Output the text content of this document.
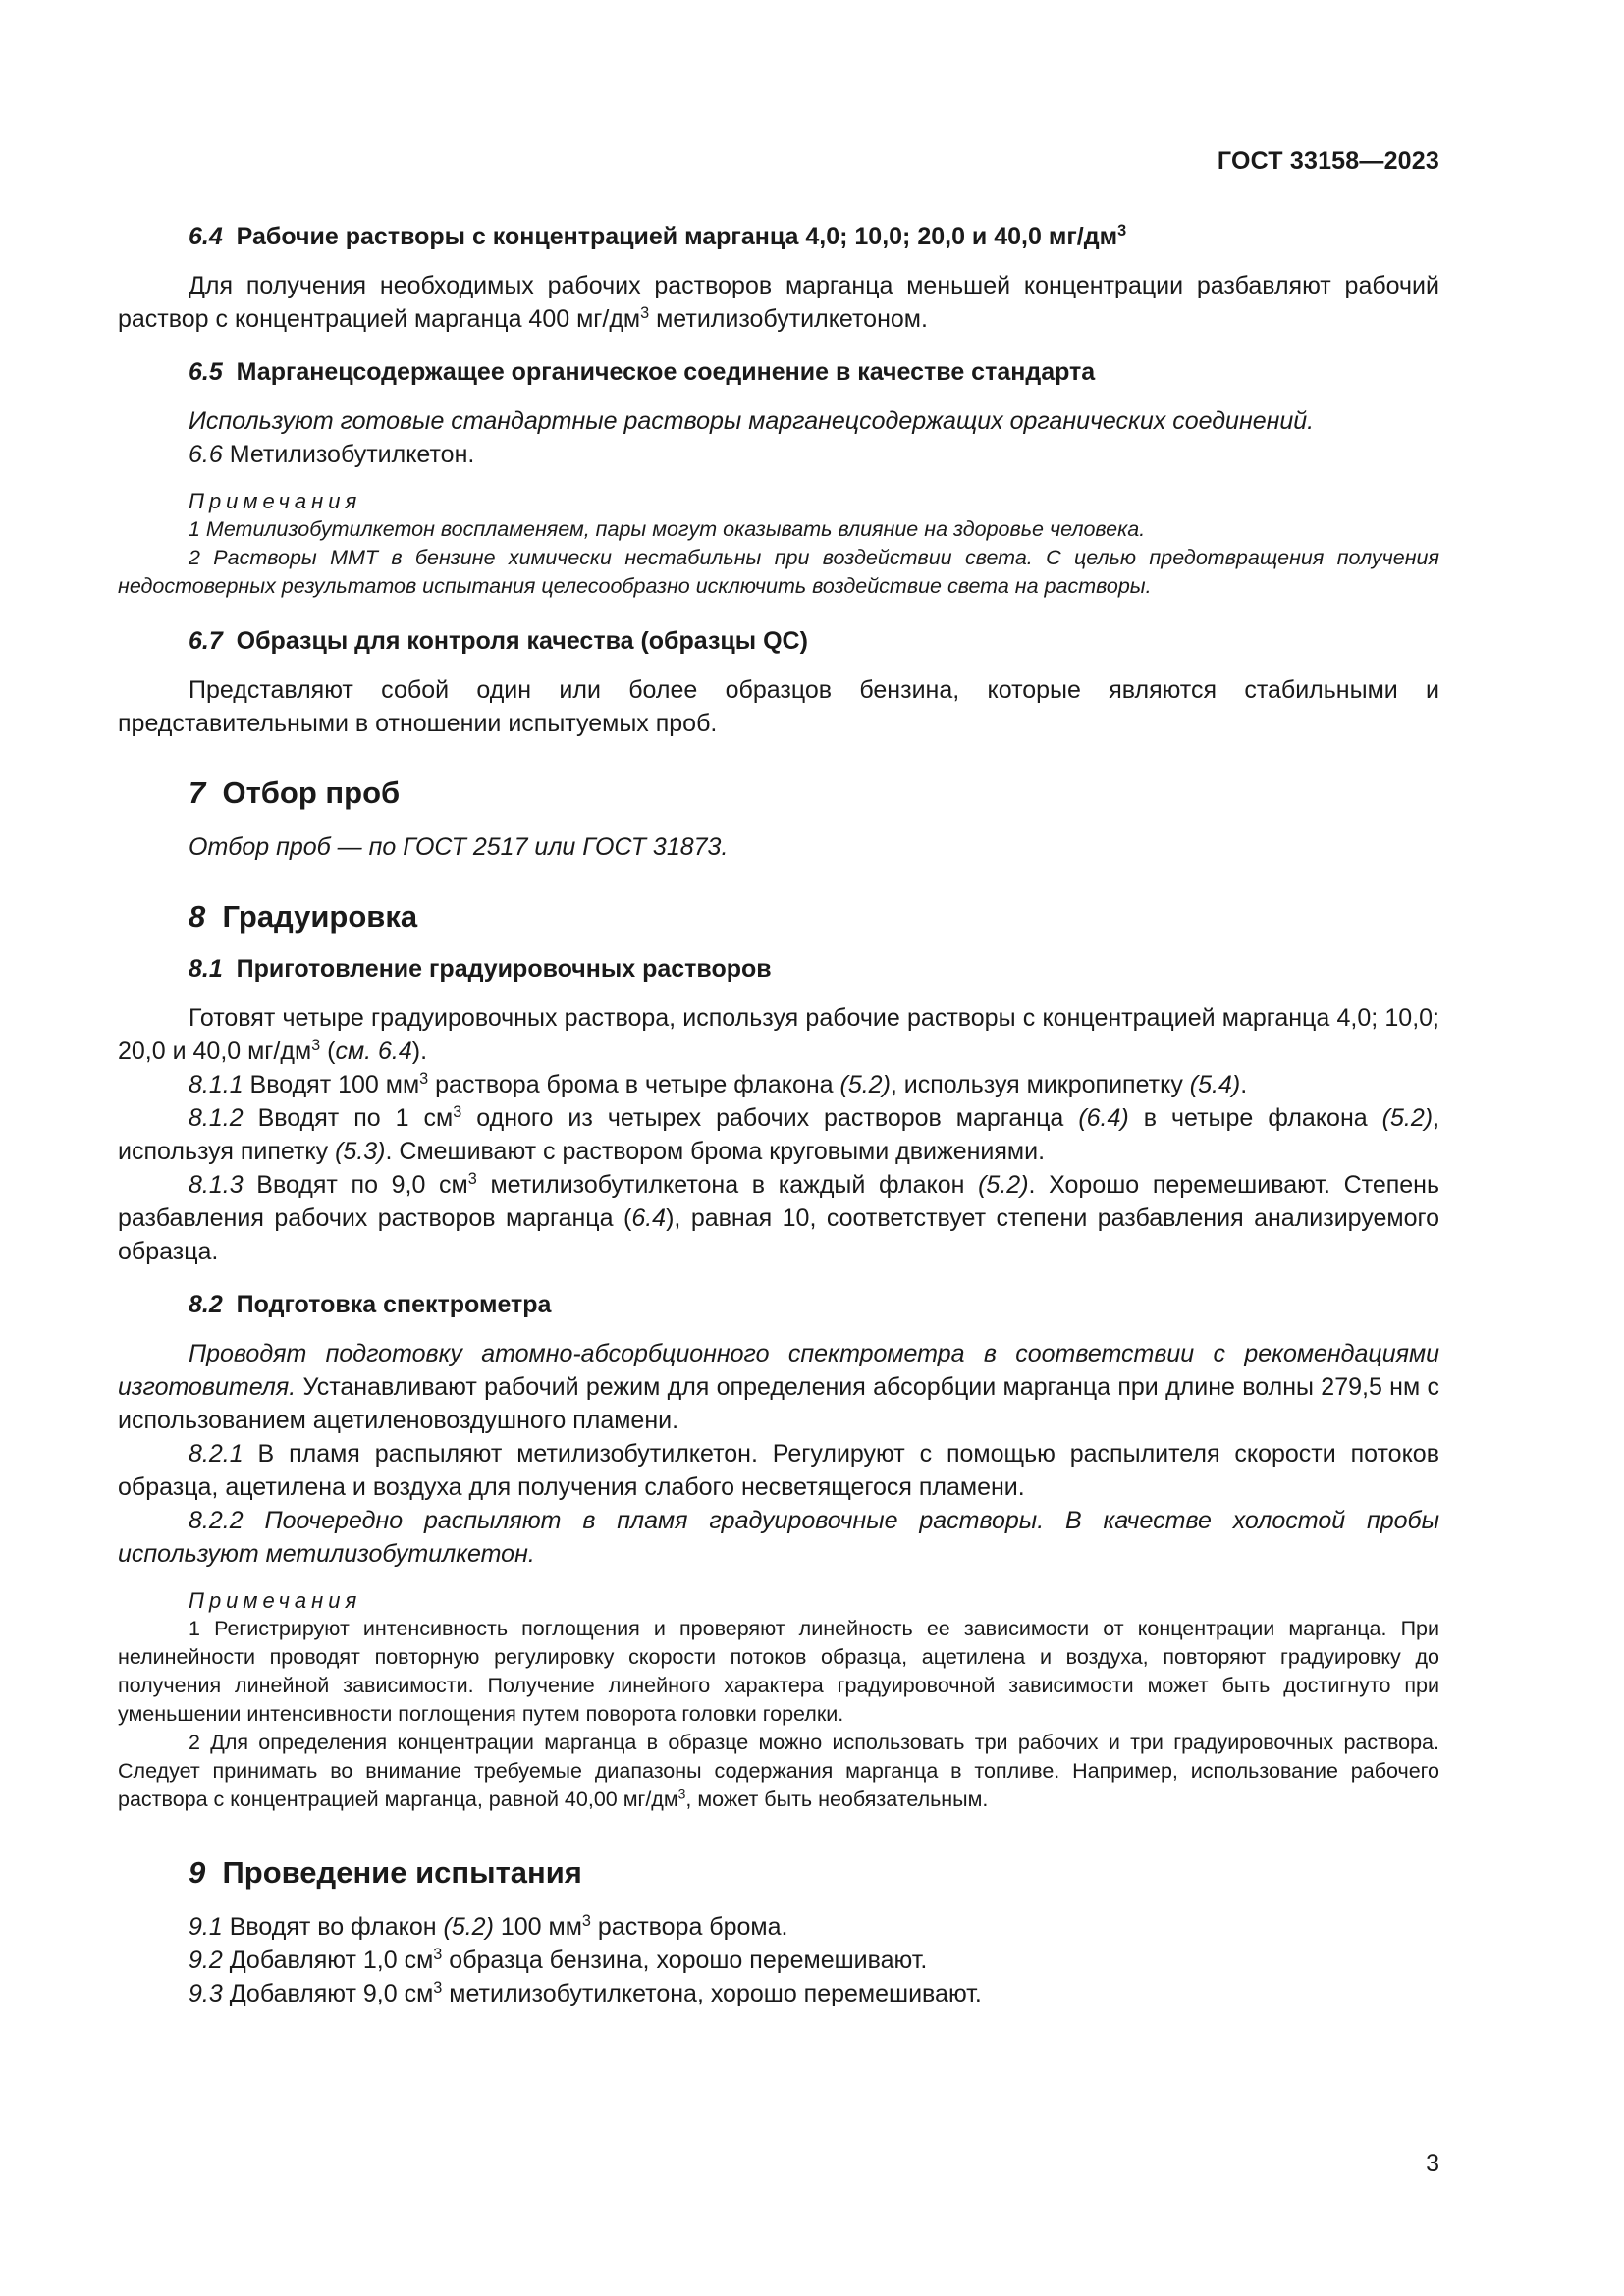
ГОСТ 33158—2023
6.4 Рабочие растворы с концентрацией марганца 4,0; 10,0; 20,0 и 40,0 $мг/дм^3$

Для получения необходимых рабочих растворов марганца меньшей концентрации разбавляют рабочий раствор с концентрацией марганца 400 $мг/дм^3$ метилизобутилкетоном.

6.5 Марганецсодержащее органическое соединение в качестве стандарта

Используют готовые стандартные растворы марганецсодержащих органических соединений.

6.6 Метилизобутилкетон.

Примечания

1 Метилизобутилкетон воспламеняем, пары могут оказывать влияние на здоровье человека.

2 Растворы ММТ в бензине химически нестабильны при воздействии света. С целью предотвращения получения недостоверных результатов испытания целесообразно исключить воздействие света на растворы.

6.7 Образцы для контроля качества (образцы QC)

Представляют собой один или более образцов бензина, которые являются стабильными и представительными в отношении испытуемых проб.

7 Отбор проб

Отбор проб — по ГОСТ 2517 или ГОСТ 31873.

8 Градуировка
8.1 Приготовление градуировочных растворов

Готовят четыре градуировочных раствора, используя рабочие растворы с концентрацией марганца 4,0; 10,0; 20,0 и 40,0 $мг/дм^3$ (см. 6.4).

8.1.1 Вводят 100 $мм^3$ раствора брома в четыре флакона (5.2), используя микропипетку (5.4).

8.1.2 Вводят по 1 $см^3$ одного из четырех рабочих растворов марганца (6.4) в четыре флакона (5.2), используя пипетку (5.3). Смешивают с раствором брома круговыми движениями.

8.1.3 Вводят по 9,0 $см^3$ метилизобутилкетона в каждый флакон (5.2). Хорошо перемешивают. Степень разбавления рабочих растворов марганца (6.4), равная 10, соответствует степени разбавления анализируемого образца.

8.2 Подготовка спектрометра

Проводят подготовку атомно-абсорбционного спектрометра в соответствии с рекомендациями изготовителя. Устанавливают рабочий режим для определения абсорбции марганца при длине волны 279,5 нм с использованием ацетиленовоздушного пламени.

8.2.1 В пламя распыляют метилизобутилкетон. Регулируют с помощью распылителя скорости потоков образца, ацетилена и воздуха для получения слабого несветящегося пламени.

8.2.2 Поочередно распыляют в пламя градуировочные растворы. В качестве холостой пробы используют метилизобутилкетон.

Примечания

1 Регистрируют интенсивность поглощения и проверяют линейность ее зависимости от концентрации марганца. При нелинейности проводят повторную регулировку скорости потоков образца, ацетилена и воздуха, повторяют градуировку до получения линейной зависимости. Получение линейного характера градуировочной зависимости может быть достигнуто при уменьшении интенсивности поглощения путем поворота головки горелки.

2 Для определения концентрации марганца в образце можно использовать три рабочих и три градуировочных раствора. Следует принимать во внимание требуемые диапазоны содержания марганца в топливе. Например, использование рабочего раствора с концентрацией марганца, равной 40,00 $мг/дм^3$, может быть необязательным.

9 Проведение испытания

9.1 Вводят во флакон (5.2) 100 $мм^3$ раствора брома.

9.2 Добавляют 1,0 $см^3$ образца бензина, хорошо перемешивают.

9.3 Добавляют 9,0 $см^3$ метилизобутилкетона, хорошо перемешивают.

3
